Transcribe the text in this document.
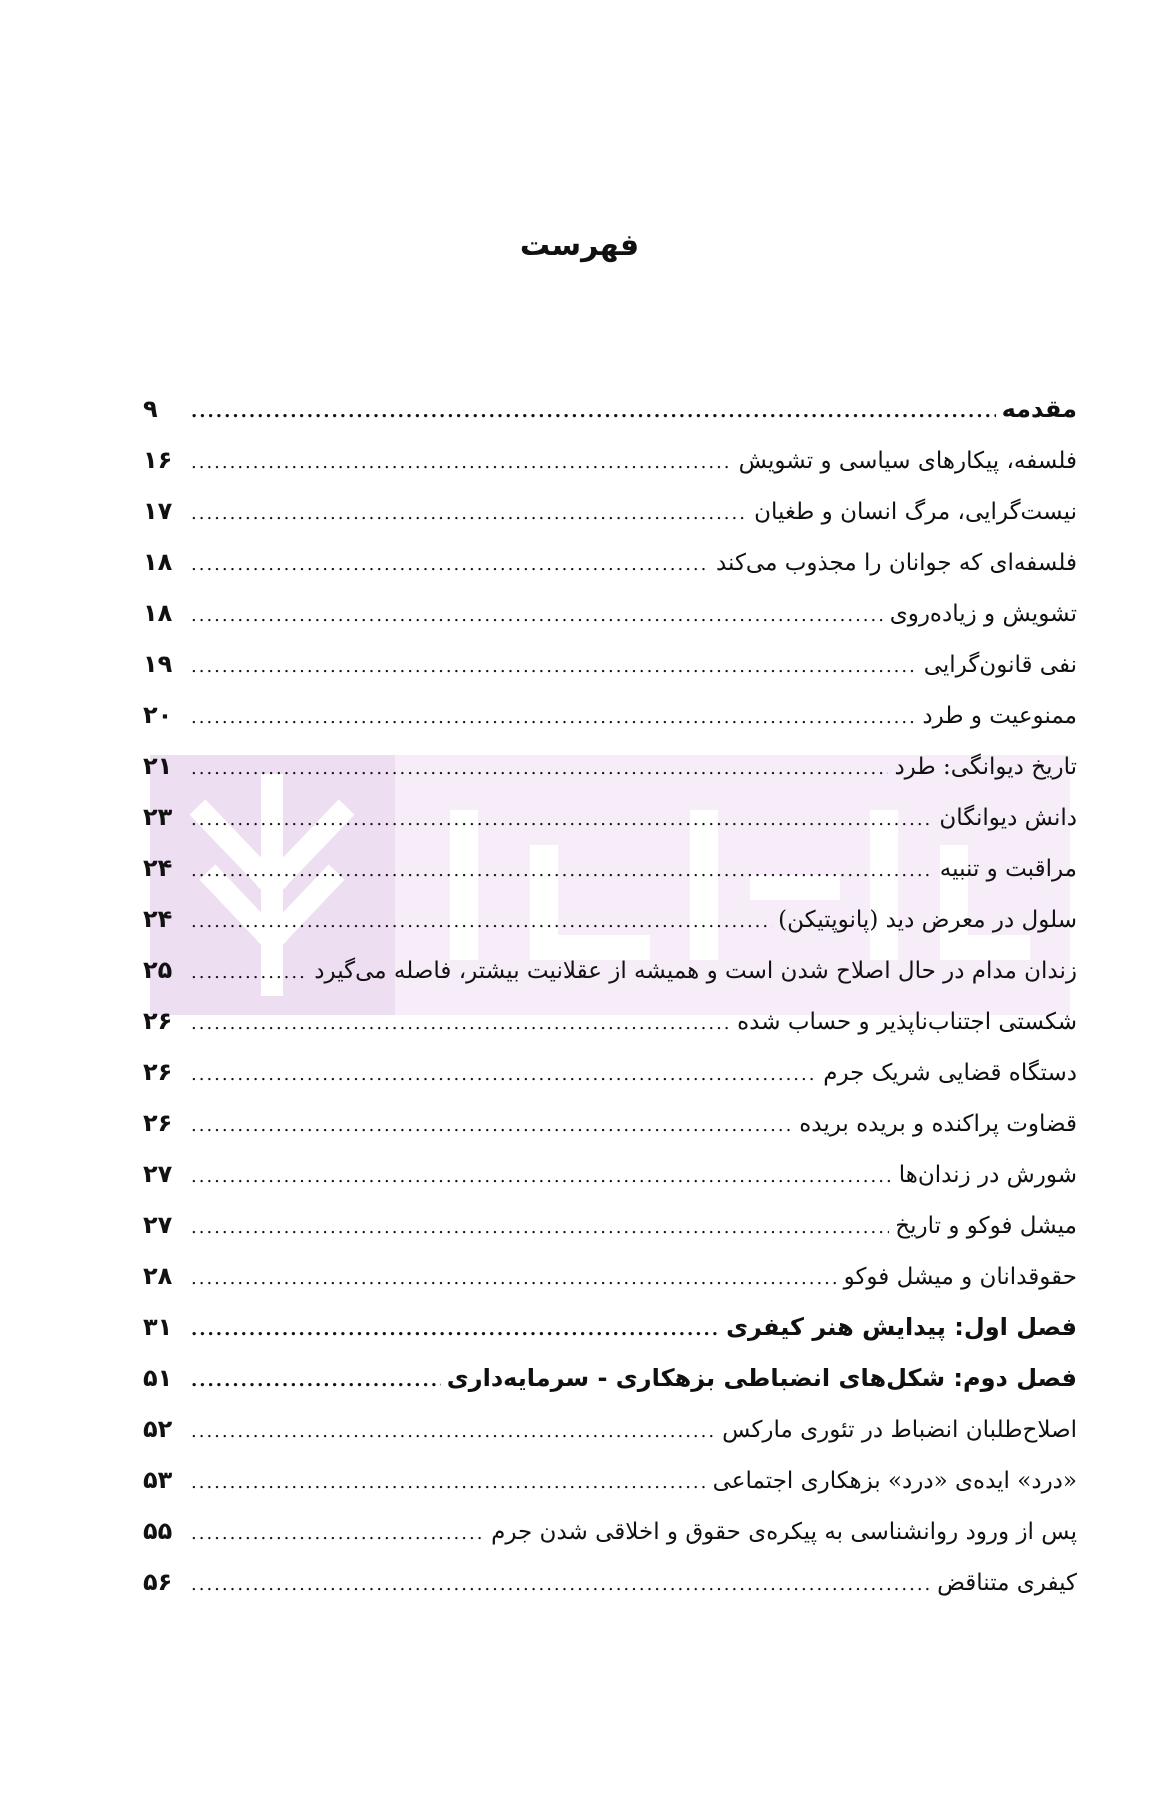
فهرست
مقدمه
.....
۹
فلسفه، پیکارهای سیاسی و تشویش
.....
۱۶
نیست‌گرایی، مرگ انسان و طغیان
.....
۱۷
فلسفه‌ای که جوانان را مجذوب می‌کند
.....
۱۸
تشویش و زیاده‌روی
.....
۱۸
نفی قانون‌گرایی
.....
۱۹
ممنوعیت و طرد
.....
۲۰
تاریخ دیوانگی: طرد
.....
۲۱
دانش دیوانگان
.....
۲۳
مراقبت و تنبیه
.....
۲۴
سلول در معرض دید (پانوپتیکن)
.....
۲۴
زندان مدام در حال اصلاح شدن است و همیشه از عقلانیت بیشتر، فاصله می‌گیرد
.....
۲۵
شکستی اجتناب‌ناپذیر و حساب شده
.....
۲۶
دستگاه قضایی شریک جرم
.....
۲۶
قضاوت پراکنده و بریده بریده
.....
۲۶
شورش در زندان‌ها
.....
۲۷
میشل فوکو و تاریخ
.....
۲۷
حقوقدانان و میشل فوکو
.....
۲۸
فصل اول: پیدایش هنر کیفری
.....
۳۱
فصل دوم: شکل‌های انضباطی بزهکاری - سرمایه‌داری
.....
۵۱
اصلاح‌طلبان انضباط در تئوری مارکس
.....
۵۲
«درد» ایده‌ی «درد» بزهکاری اجتماعی
.....
۵۳
پس از ورود روانشناسی به پیکره‌ی حقوق و اخلاقی شدن جرم
.....
۵۵
کیفری متناقض
.....
۵۶
